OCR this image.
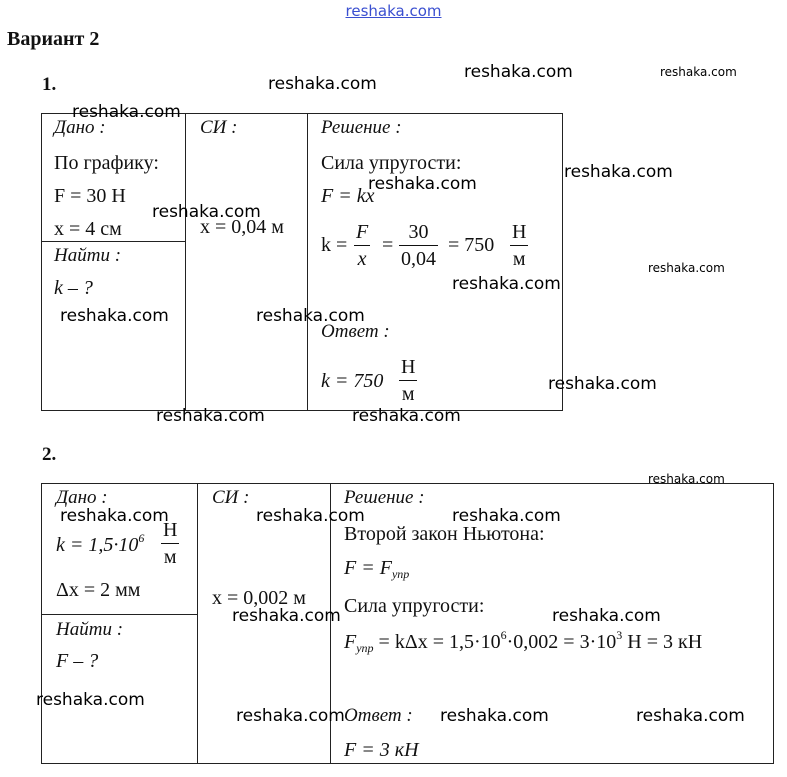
reshaka.com
Вариант 2
1.
Дано :
По графику:
F = 30 Н
x = 4 см
Найти :
k – ?
СИ :
x = 0,04 м
Решение :
Сила упругости:
F = kx
k =
F
x
=
30
0,04
= 750
Н
м
Ответ :
k = 750
Н
м
2.
Дано :
$k = 1,5\cdot 10^6$ Н
м
Δx = 2 мм
Найти :
F – ?
СИ :
x = 0,002 м
Решение :
Второй закон Ньютона:
$F = F_{упр}$
Сила упругости:
$F_{упр} = k\Delta x = 1,5\cdot 10^6\cdot 0,002 = 3\cdot 10^3$ Н = 3 кН
Ответ :
F = 3 кН
reshaka.com
reshaka.com	reshaka.com
reshaka.com
reshaka.com
reshaka.com
reshaka.com
reshaka.com
reshaka.com
reshaka.com	reshaka.com
reshaka.com
reshaka.com	reshaka.com
reshaka.com
reshaka.com	reshaka.com	reshaka.com
reshaka.com
reshaka.com
reshaka.com
reshaka.com	reshaka.com	reshaka.com
